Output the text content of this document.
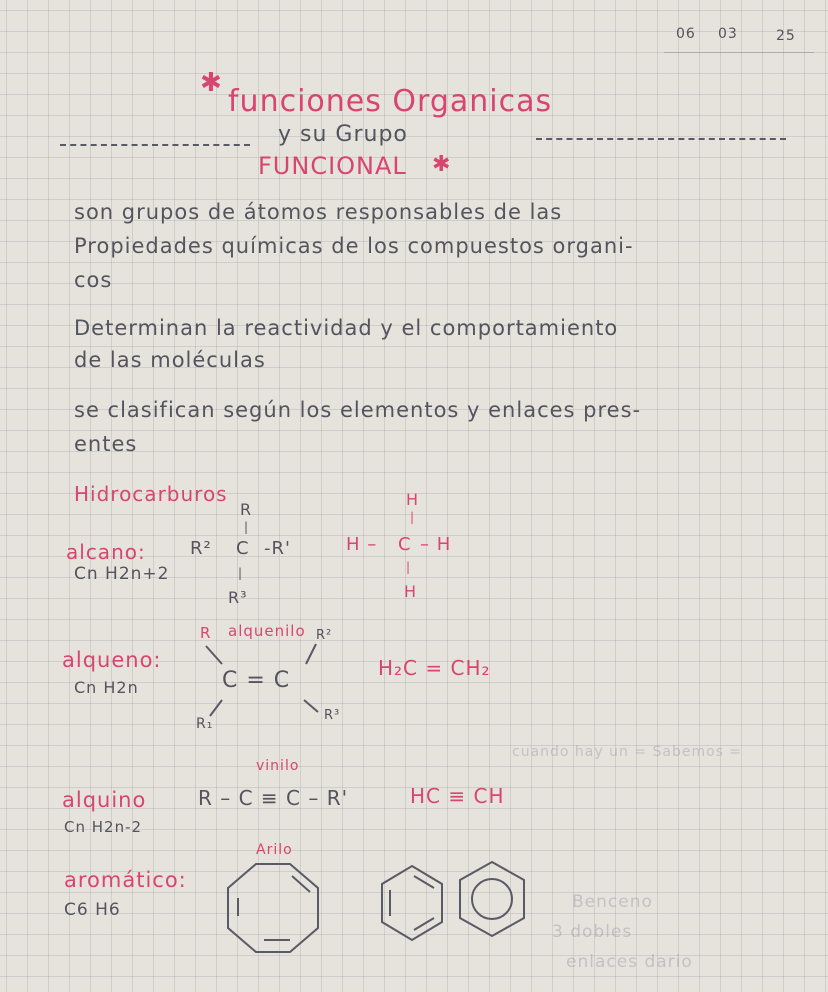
06 03	25
✱
funciones Organicas
y su Grupo
FUNCIONAL ✱
son grupos de átomos responsables de las
Propiedades químicas de los compuestos organi-
cos
Determinan la reactividad y el comportamiento
de las moléculas
se clasifican según los elementos y enlaces pres-
entes
Hidrocarburos
alcano:
Cn H2n+2
R
|
R² C -R'
|
R³
H
|
H – C – H
|
H
R alquenilo R²
alqueno:
Cn H2n	C = C
R₁
R³
H₂C = CH₂
cuando hay un = Sabemos =
vinilo
alquino	R – C ≡ C – R'	HC ≡ CH
Cn H2n-2
Arilo
aromático:
C6 H6	Benceno
3 dobles
enlaces dario
